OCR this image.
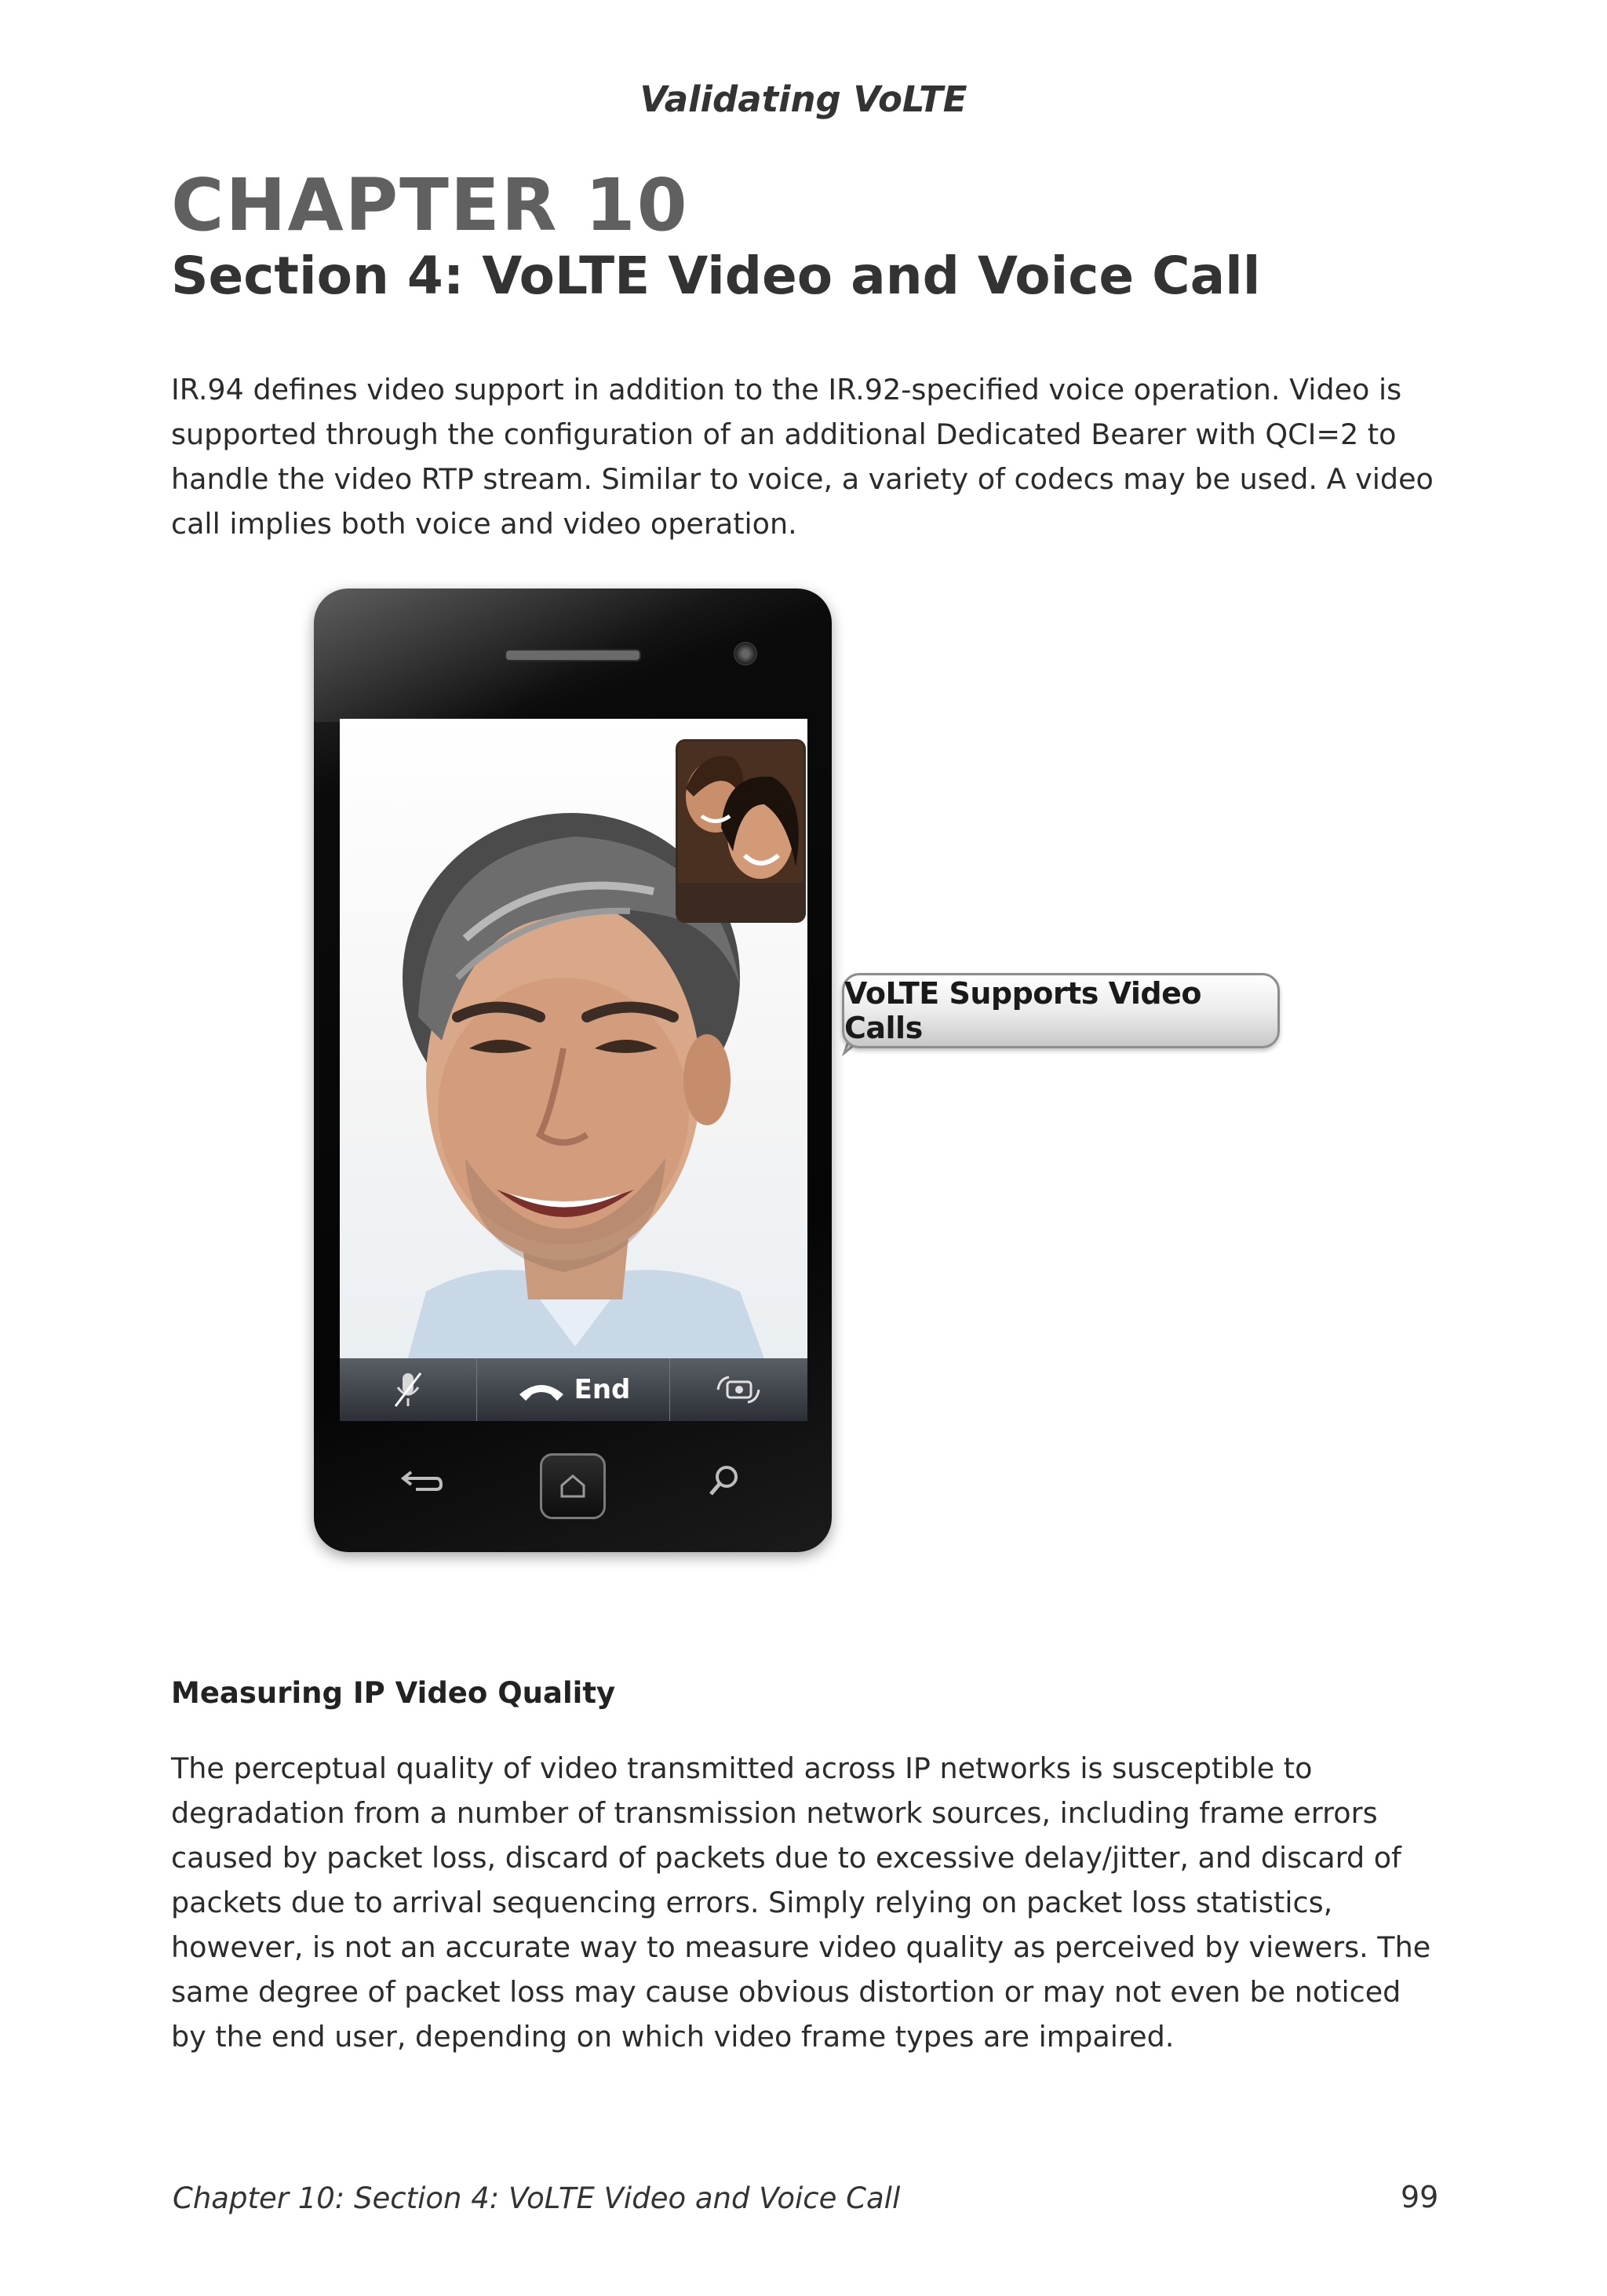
Validating VoLTE
CHAPTER 10
Section 4: VoLTE Video and Voice Call

IR.94 defines video support in addition to the IR.92-specified voice operation. Video is supported through the configuration of an additional Dedicated Bearer with QCI=2 to handle the video RTP stream. Similar to voice, a variety of codecs may be used. A video call implies both voice and video operation.

End
VoLTE Supports Video Calls
Measuring IP Video Quality

The perceptual quality of video transmitted across IP networks is susceptible to degradation from a number of transmission network sources, including frame errors caused by packet loss, discard of packets due to excessive delay/jitter, and discard of packets due to arrival sequencing errors. Simply relying on packet loss statistics, however, is not an accurate way to measure video quality as perceived by viewers. The same degree of packet loss may cause obvious distortion or may not even be noticed by the end user, depending on which video frame types are impaired.

Chapter 10: Section 4: VoLTE Video and Voice Call	99
